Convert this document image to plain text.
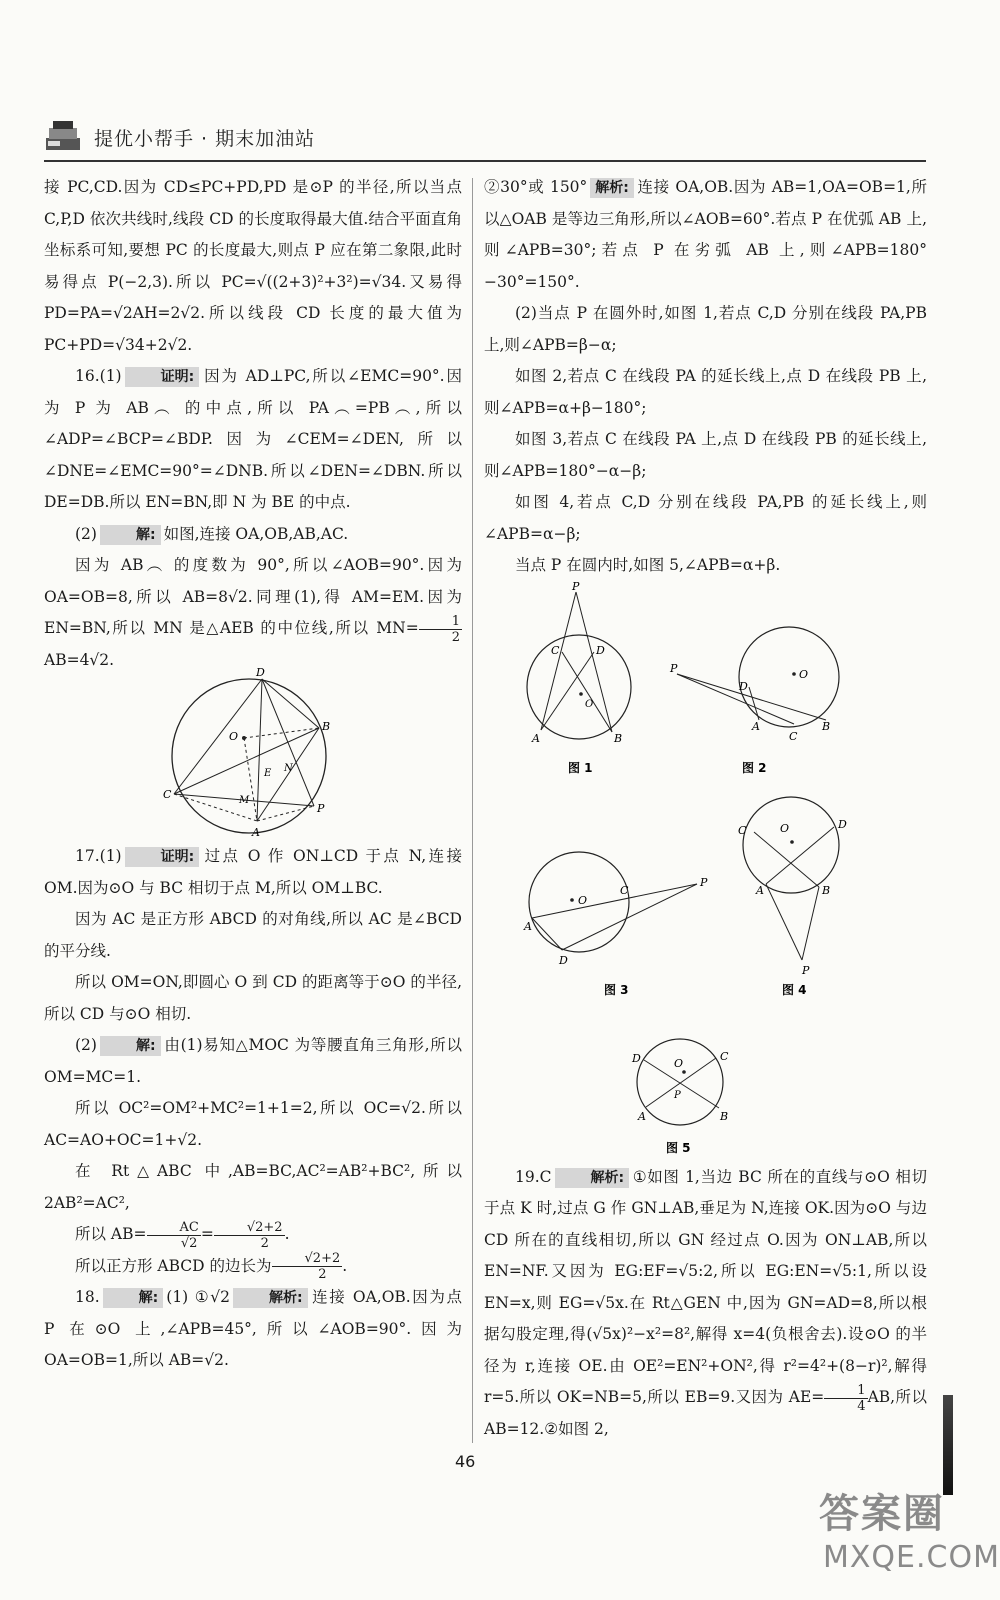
提优小帮手 · 期末加油站

接 PC,CD.因为 CD≤PC+PD,PD 是⊙P 的半径,所以当点 C,P,D 依次共线时,线段 CD 的长度取得最大值.结合平面直角坐标系可知,要想 PC 的长度最大,则点 P 应在第二象限,此时易得点 P(−2,3).所以 PC=√((2+3)²+3²)=√34.又易得 PD=PA=√2AH=2√2.所以线段 CD 长度的最大值为 PC+PD=√34+2√2.

16.(1)	证明: 因为 AD⊥PC,所以∠EMC=90°.因为 P 为 AB︵ 的中点,所以 PA︵=PB︵,所以∠ADP=∠BCP=∠BDP.因为∠CEM=∠DEN,所以∠DNE=∠EMC=90°=∠DNB.所以∠DEN=∠DBN.所以 DE=DB.所以 EN=BN,即 N 为 BE 的中点.

(2)	解: 如图,连接 OA,OB,AB,AC.

因为 AB︵ 的度数为 90°,所以∠AOB=90°.因为 OA=OB=8,所以 AB=8√2.同理(1),得 AM=EM.因为 EN=BN,所以 MN 是△AEB 的中位线,所以 $MN= \frac{1}{2}$
AB=4√2.

D
B
O
C
P
A
E N
M

17.(1)	证明: 过点 O 作 ON⊥CD 于点 N,连接 OM.因为⊙O 与 BC 相切于点 M,所以 OM⊥BC.

因为 AC 是正方形 ABCD 的对角线,所以 AC 是∠BCD 的平分线.

所以 OM=ON,即圆心 O 到 CD 的距离等于⊙O 的半径,所以 CD 与⊙O 相切.

(2)	解: 由(1)易知△MOC 为等腰直角三角形,所以 OM=MC=1.

所以 OC²=OM²+MC²=1+1=2,所以 OC=√2.所以 AC=AO+OC=1+√2.

在 Rt△ABC 中,AB=BC,AC²=AB²+BC²,所以 2AB²=AC²,

所以 $AB= \frac{AC}{√2} = \frac{√2+2}{2}$ .

所以正方形 ABCD 的边长为 $\frac{√2+2}{2}$ .

18.	解: (1) ①√2	解析: 连接 OA,OB.因为点 P 在⊙O 上,∠APB=45°,所以∠AOB=90°.因为 OA=OB=1,所以 AB=√2.

②30°或 150° 解析: 连接 OA,OB.因为 AB=1,OA=OB=1,所以△OAB 是等边三角形,所以∠AOB=60°.若点 P 在优弧 AB 上,则∠APB=30°;若点 P 在劣弧 AB 上,则∠APB=180°−30°=150°.

(2)当点 P 在圆外时,如图 1,若点 C,D 分别在线段 PA,PB 上,则∠APB=β−α;

如图 2,若点 C 在线段 PA 的延长线上,点 D 在线段 PB 上,则∠APB=α+β−180°;

如图 3,若点 C 在线段 PA 上,点 D 在线段 PB 的延长线上,则∠APB=180°−α−β;

如图 4,若点 C,D 分别在线段 PA,PB 的延长线上,则∠APB=α−β;

当点 P 在圆内时,如图 5,∠APB=α+β.

P
C	D
O
A	B
图 1
P
D
O
A
C
B
图 2
P
O
C
A
D
图 3
C	D
O
A	B
P
图 4
D	C
O
P
A	B
图 5

19.C	解析: ①如图 1,当边 BC 所在的直线与⊙O 相切于点 K 时,过点 G 作 GN⊥AB,垂足为 N,连接 OK.因为⊙O 与边 CD 所在的直线相切,所以 GN 经过点 O.因为 ON⊥AB,所以 EN=NF.又因为 EG:EF=√5:2,所以 EG:EN=√5:1,所以设 EN=x,则 EG=√5x.在 Rt△GEN 中,因为 GN=AD=8,所以根据勾股定理,得(√5x)²−x²=8²,解得 x=4(负根舍去).设⊙O 的半径为 r,连接 OE.由 OE²=EN²+ON²,得 r²=4²+(8−r)²,解得 r=5.所以 OK=NB=5,所以 EB=9.又因为 $AE= \frac{1}{4}$ AB,所以 AB=12.②如图 2,

46
答案圈
MXQE.COM
